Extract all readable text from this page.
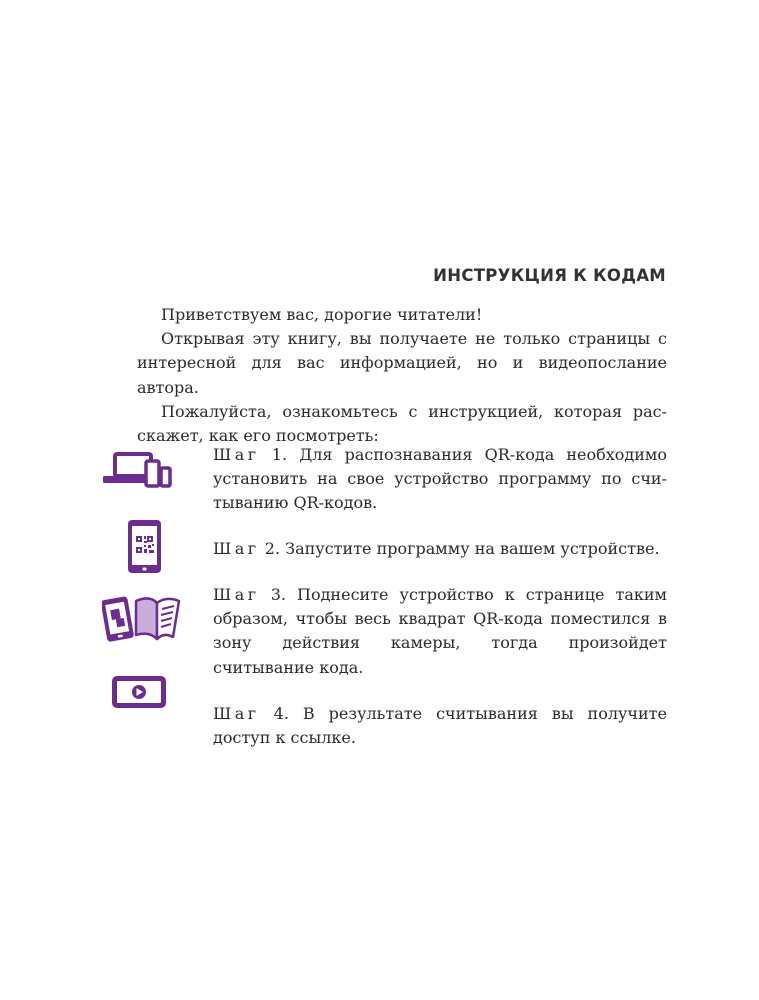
ИНСТРУКЦИЯ К КОДАМ

Приветствуем вас, дорогие читатели!

Открывая эту книгу, вы получаете не только страницы с интересной для вас информацией, но и видеопослание автора.

Пожалуйста, ознакомьтесь с инструкцией, которая рас-скажет, как его посмотреть:

Шаг 1. Для распознавания QR-кода необходимо установить на свое устройство программу по счи-тыванию QR-кодов.
Шаг 2. Запустите программу на вашем устройстве.
Шаг 3. Поднесите устройство к странице таким образом, чтобы весь квадрат QR-кода поместился в зону действия камеры, тогда произойдет считывание кода.
Шаг 4. В результате считывания вы получите доступ к ссылке.
